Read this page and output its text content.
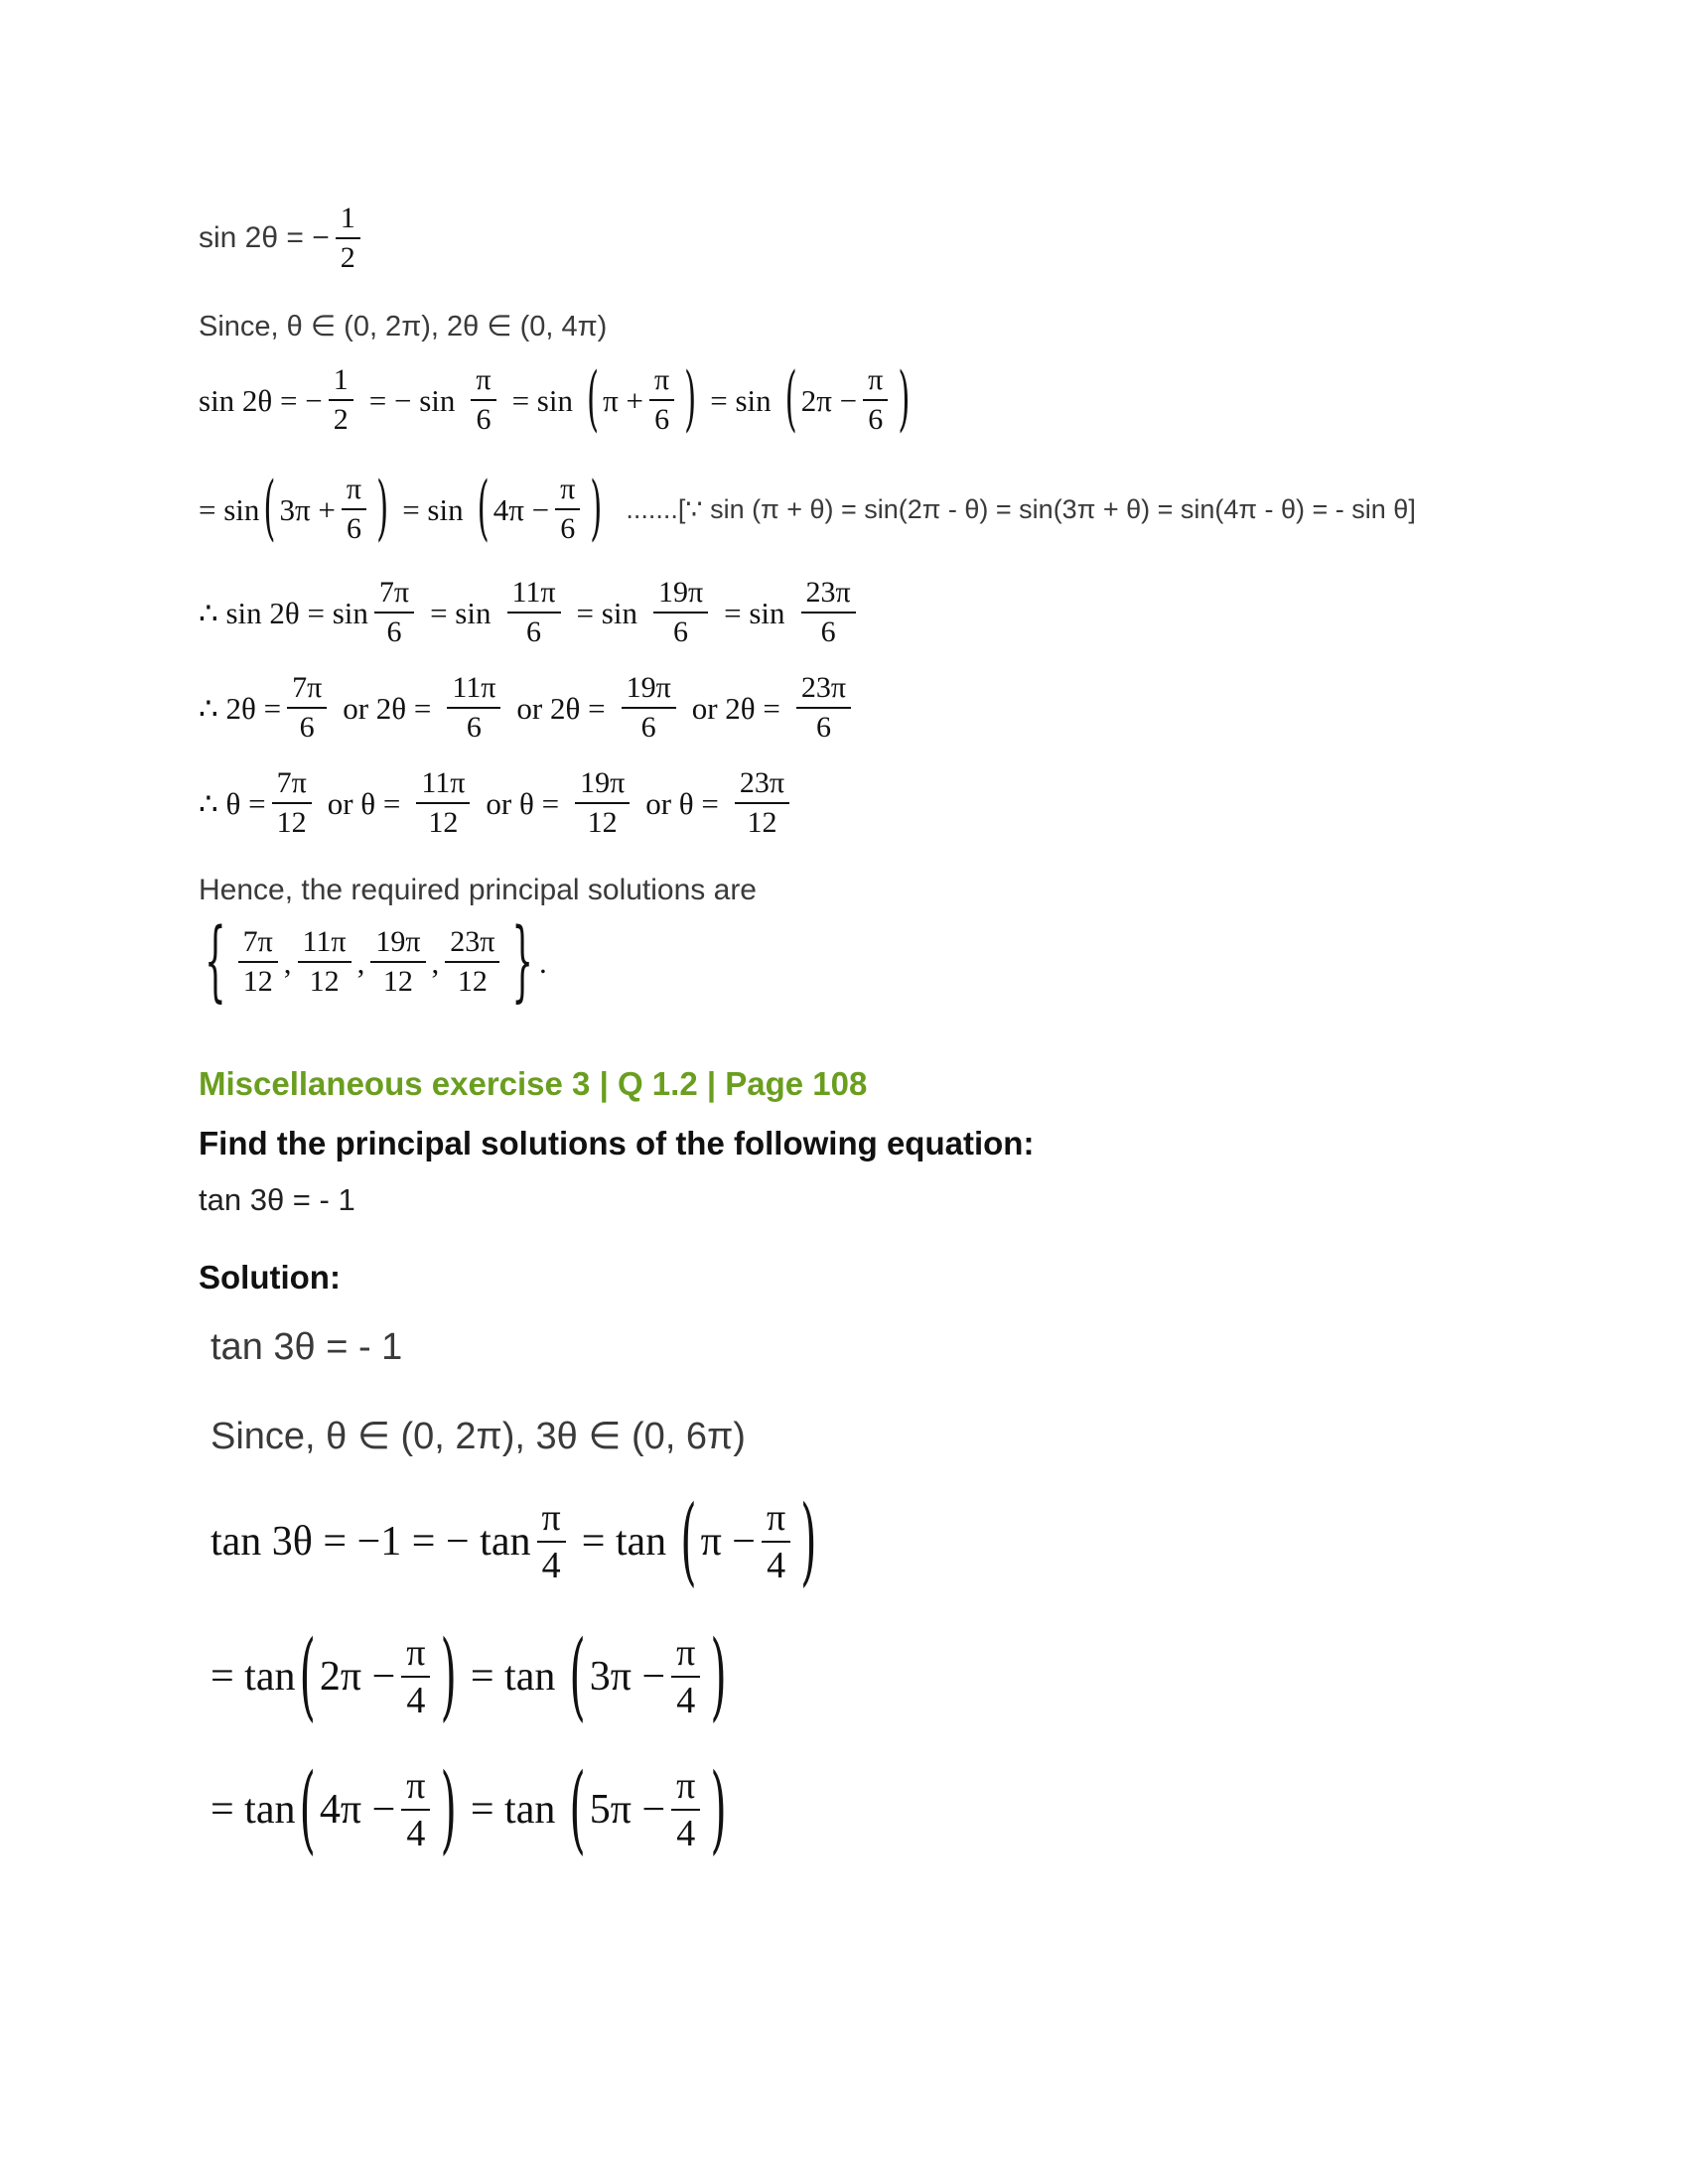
sin 2θ = − $\frac{1}{2}$
Since, θ ∈ (0, 2π), 2θ ∈ (0, 4π)
sin 2θ = − $\frac{1}{2}$ = − $\sin \frac{\pi}{6} = \sin$ ( $\pi + \frac{\pi}{6}$ ) = sin ( $2\pi - \frac{\pi}{6}$ )
= sin ( $3\pi + \frac{\pi}{6}$ ) = sin ( $4\pi - \frac{\pi}{6}$ ) .......[∵ sin (π + θ) = sin(2π - θ) = sin(3π + θ) = sin(4π - θ) = - sin θ]
∴ $\sin 2\theta = \sin \frac{7\pi}{6} = \sin \frac{11\pi}{6} = \sin \frac{19\pi}{6} = \sin \frac{23\pi}{6}$
∴ $2\theta = \frac{7\pi}{6}$ or $2\theta = \frac{11\pi}{6}$ or $2\theta = \frac{19\pi}{6}$ or $2\theta = \frac{23\pi}{6}$
∴ $\theta = \frac{7\pi}{12}$ or $\theta = \frac{11\pi}{12}$ or $\theta = \frac{19\pi}{12}$ or $\theta = \frac{23\pi}{12}$
Hence, the required principal solutions are
{ $\frac{7\pi}{12}$ , $\frac{11\pi}{12}$ , $\frac{19\pi}{12}$ , $\frac{23\pi}{12}$ } .
Miscellaneous exercise 3 | Q 1.2 | Page 108
Find the principal solutions of the following equation:
tan 3θ = - 1
Solution:
tan 3θ = - 1
Since, θ ∈ (0, 2π), 3θ ∈ (0, 6π)
tan 3θ = −1 = − $\tan \frac{\pi}{4} = \tan$ ( $\pi - \frac{\pi}{4}$ )
= tan ( $2\pi - \frac{\pi}{4}$ ) = tan ( $3\pi - \frac{\pi}{4}$ )
= tan ( $4\pi - \frac{\pi}{4}$ ) = tan ( $5\pi - \frac{\pi}{4}$ )
